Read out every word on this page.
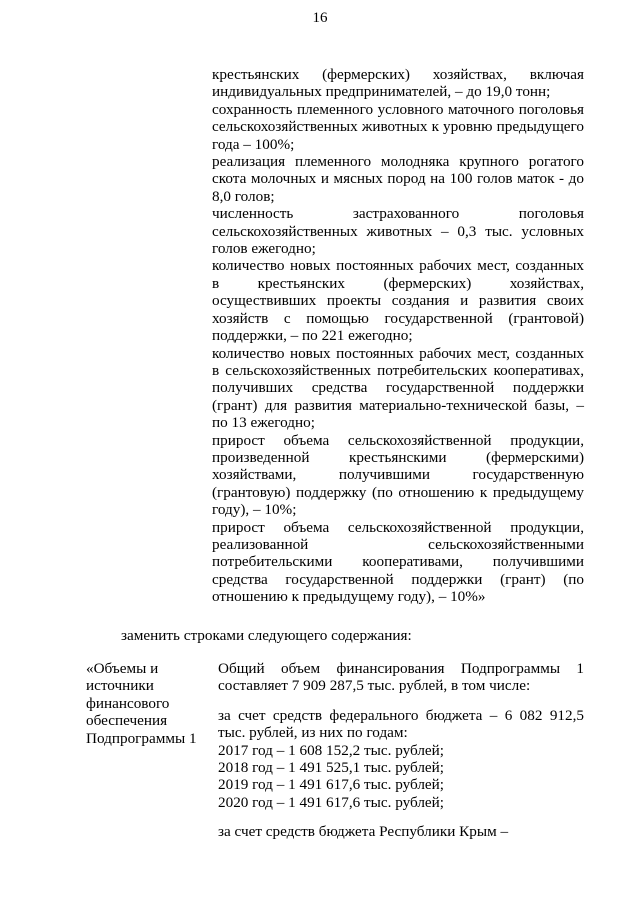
16

крестьянских (фермерских) хозяйствах, включая индивидуальных предпринимателей, – до 19,0 тонн;

сохранность племенного условного маточного поголовья сельскохозяйственных животных к уровню предыдущего года – 100%;

реализация племенного молодняка крупного рогатого скота молочных и мясных пород на 100 голов маток - до 8,0 голов;

численность застрахованного поголовья сельскохозяйственных животных – 0,3 тыс. условных голов ежегодно;

количество новых постоянных рабочих мест, созданных в крестьянских (фермерских) хозяйствах, осуществивших проекты создания и развития своих хозяйств с помощью государственной (грантовой) поддержки, – по 221 ежегодно;

количество новых постоянных рабочих мест, созданных в сельскохозяйственных потребительских кооперативах, получивших средства государственной поддержки (грант) для развития материально-технической базы, – по 13 ежегодно;

прирост объема сельскохозяйственной продукции, произведенной крестьянскими (фермерскими) хозяйствами, получившими государственную (грантовую) поддержку (по отношению к предыдущему году), – 10%;

прирост объема сельскохозяйственной продукции, реализованной сельскохозяйственными потребительскими кооперативами, получившими средства государственной поддержки (грант) (по отношению к предыдущему году), – 10%»

заменить строками следующего содержания:
«Объемы и источники финансового обеспечения Подпрограммы 1

Общий объем финансирования Подпрограммы 1 составляет 7 909 287,5 тыс. рублей, в том числе:

за счет средств федерального бюджета – 6 082 912,5 тыс. рублей, из них по годам:

2017 год – 1 608 152,2 тыс. рублей;

2018 год – 1 491 525,1 тыс. рублей;

2019 год – 1 491 617,6 тыс. рублей;

2020 год – 1 491 617,6 тыс. рублей;

за счет средств бюджета Республики Крым –
